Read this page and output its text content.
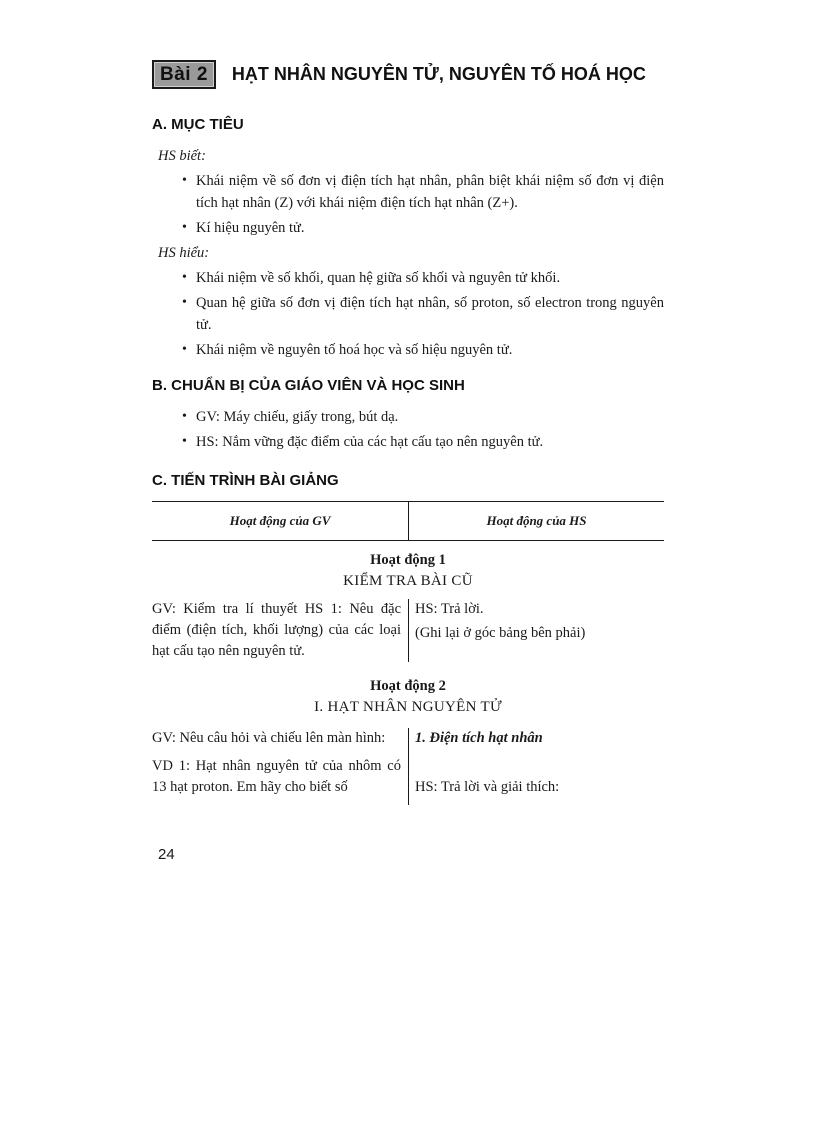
Bài 2	HẠT NHÂN NGUYÊN TỬ, NGUYÊN TỐ HOÁ HỌC
A. MỤC TIÊU

HS biết:

• Khái niệm về số đơn vị điện tích hạt nhân, phân biệt khái niệm số đơn vị điện tích hạt nhân (Z) với khái niệm điện tích hạt nhân (Z+).
• Kí hiệu nguyên tử.

HS hiểu:

• Khái niệm về số khối, quan hệ giữa số khối và nguyên tử khối.
• Quan hệ giữa số đơn vị điện tích hạt nhân, số proton, số electron trong nguyên tử.
• Khái niệm về nguyên tố hoá học và số hiệu nguyên tử.
B. CHUẨN BỊ CỦA GIÁO VIÊN VÀ HỌC SINH
• GV: Máy chiếu, giấy trong, bút dạ.
• HS: Nắm vững đặc điểm của các hạt cấu tạo nên nguyên tử.
C. TIẾN TRÌNH BÀI GIẢNG
Hoạt động của GV	Hoạt động của HS
Hoạt động 1
KIỂM TRA BÀI CŨ
GV: Kiểm tra lí thuyết HS 1: Nêu đặc điểm (điện tích, khối lượng) của các loại hạt cấu tạo nên nguyên tử.

HS: Trả lời.

(Ghi lại ở góc bảng bên phải)

Hoạt động 2
I. HẠT NHÂN NGUYÊN TỬ

GV: Nêu câu hỏi và chiếu lên màn hình:

VD 1: Hạt nhân nguyên tử của nhôm có 13 hạt proton. Em hãy cho biết số

1. Điện tích hạt nhân

HS: Trả lời và giải thích:

24
